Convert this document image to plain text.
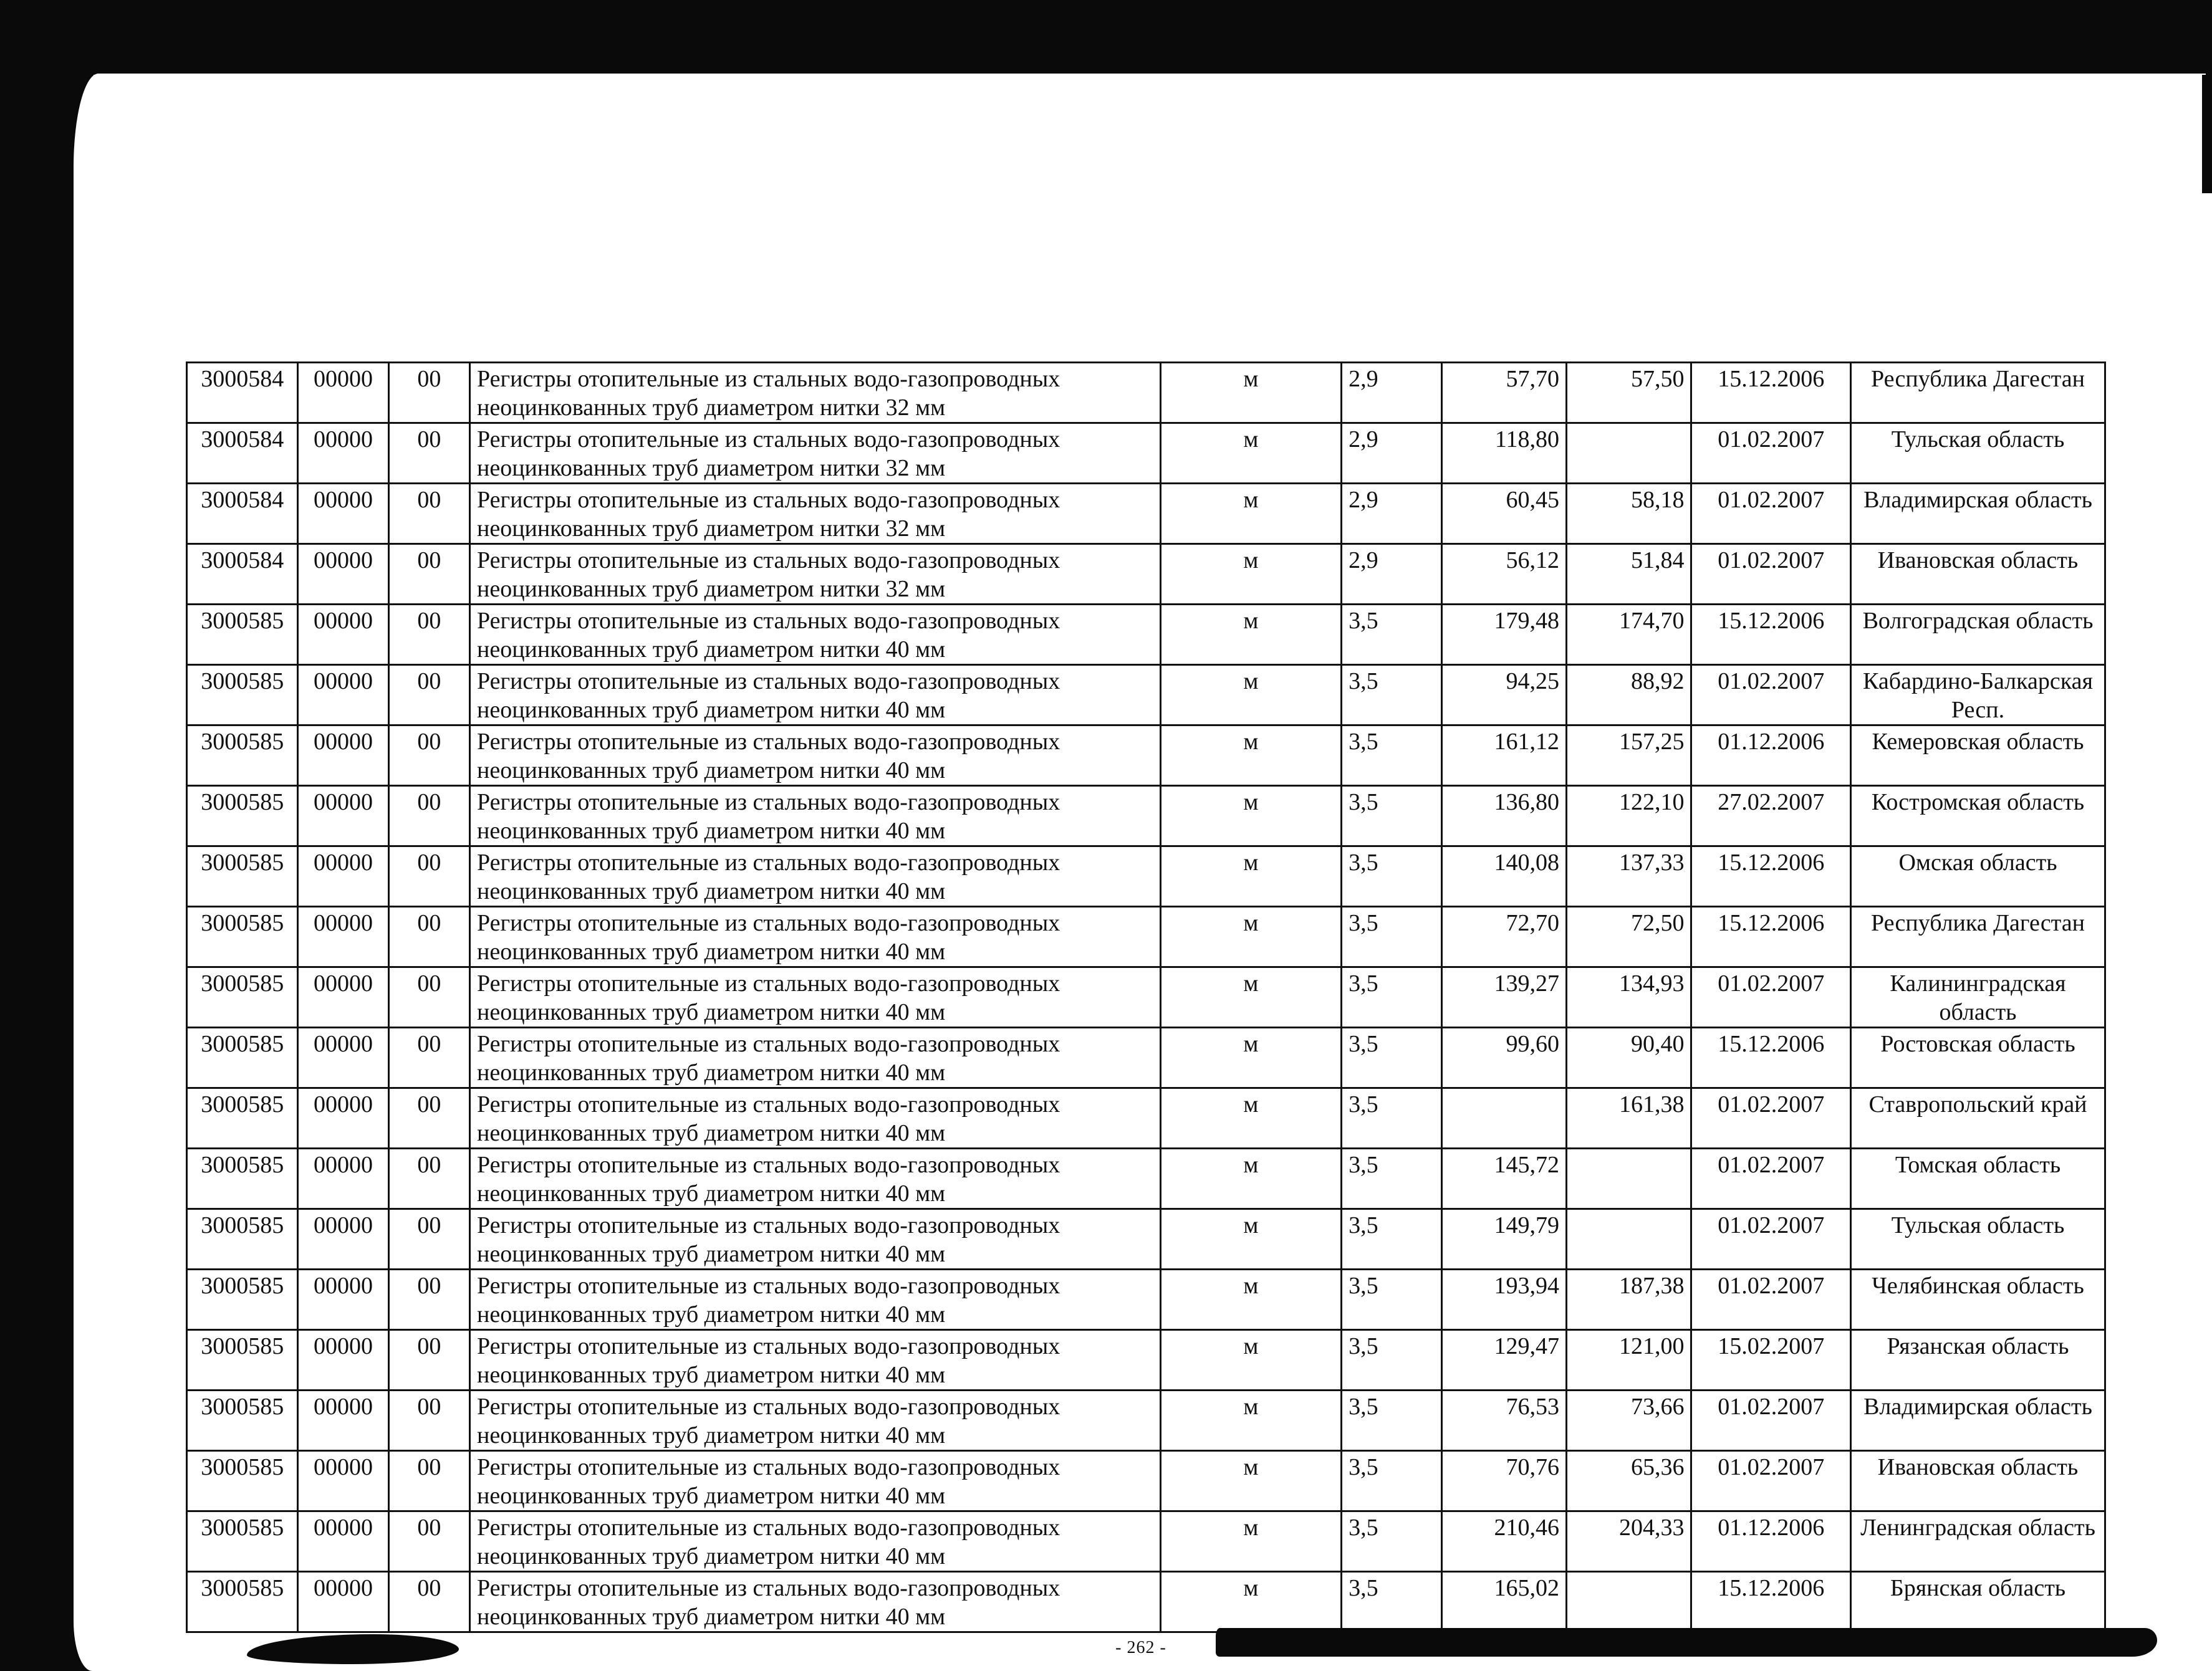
3000584	00000	00	Регистры отопительные из стальных водо-газопроводных неоцинкованных труб диаметром нитки 32 мм	м	2,9	57,70	57,50	15.12.2006	Республика Дагестан
3000584	00000	00	Регистры отопительные из стальных водо-газопроводных неоцинкованных труб диаметром нитки 32 мм	м	2,9	118,80		01.02.2007	Тульская область
3000584	00000	00	Регистры отопительные из стальных водо-газопроводных неоцинкованных труб диаметром нитки 32 мм	м	2,9	60,45	58,18	01.02.2007	Владимирская область
3000584	00000	00	Регистры отопительные из стальных водо-газопроводных неоцинкованных труб диаметром нитки 32 мм	м	2,9	56,12	51,84	01.02.2007	Ивановская область
3000585	00000	00	Регистры отопительные из стальных водо-газопроводных неоцинкованных труб диаметром нитки 40 мм	м	3,5	179,48	174,70	15.12.2006	Волгоградская область
3000585	00000	00	Регистры отопительные из стальных водо-газопроводных неоцинкованных труб диаметром нитки 40 мм	м	3,5	94,25	88,92	01.02.2007	Кабардино-Балкарская Респ.
3000585	00000	00	Регистры отопительные из стальных водо-газопроводных неоцинкованных труб диаметром нитки 40 мм	м	3,5	161,12	157,25	01.12.2006	Кемеровская область
3000585	00000	00	Регистры отопительные из стальных водо-газопроводных неоцинкованных труб диаметром нитки 40 мм	м	3,5	136,80	122,10	27.02.2007	Костромская область
3000585	00000	00	Регистры отопительные из стальных водо-газопроводных неоцинкованных труб диаметром нитки 40 мм	м	3,5	140,08	137,33	15.12.2006	Омская область
3000585	00000	00	Регистры отопительные из стальных водо-газопроводных неоцинкованных труб диаметром нитки 40 мм	м	3,5	72,70	72,50	15.12.2006	Республика Дагестан
3000585	00000	00	Регистры отопительные из стальных водо-газопроводных неоцинкованных труб диаметром нитки 40 мм	м	3,5	139,27	134,93	01.02.2007	Калининградская область
3000585	00000	00	Регистры отопительные из стальных водо-газопроводных неоцинкованных труб диаметром нитки 40 мм	м	3,5	99,60	90,40	15.12.2006	Ростовская область
3000585	00000	00	Регистры отопительные из стальных водо-газопроводных неоцинкованных труб диаметром нитки 40 мм	м	3,5		161,38	01.02.2007	Ставропольский край
3000585	00000	00	Регистры отопительные из стальных водо-газопроводных неоцинкованных труб диаметром нитки 40 мм	м	3,5	145,72		01.02.2007	Томская область
3000585	00000	00	Регистры отопительные из стальных водо-газопроводных неоцинкованных труб диаметром нитки 40 мм	м	3,5	149,79		01.02.2007	Тульская область
3000585	00000	00	Регистры отопительные из стальных водо-газопроводных неоцинкованных труб диаметром нитки 40 мм	м	3,5	193,94	187,38	01.02.2007	Челябинская область
3000585	00000	00	Регистры отопительные из стальных водо-газопроводных неоцинкованных труб диаметром нитки 40 мм	м	3,5	129,47	121,00	15.02.2007	Рязанская область
3000585	00000	00	Регистры отопительные из стальных водо-газопроводных неоцинкованных труб диаметром нитки 40 мм	м	3,5	76,53	73,66	01.02.2007	Владимирская область
3000585	00000	00	Регистры отопительные из стальных водо-газопроводных неоцинкованных труб диаметром нитки 40 мм	м	3,5	70,76	65,36	01.02.2007	Ивановская область
3000585	00000	00	Регистры отопительные из стальных водо-газопроводных неоцинкованных труб диаметром нитки 40 мм	м	3,5	210,46	204,33	01.12.2006	Ленинградская область
3000585	00000	00	Регистры отопительные из стальных водо-газопроводных неоцинкованных труб диаметром нитки 40 мм	м	3,5	165,02		15.12.2006	Брянская область
- 262 -
